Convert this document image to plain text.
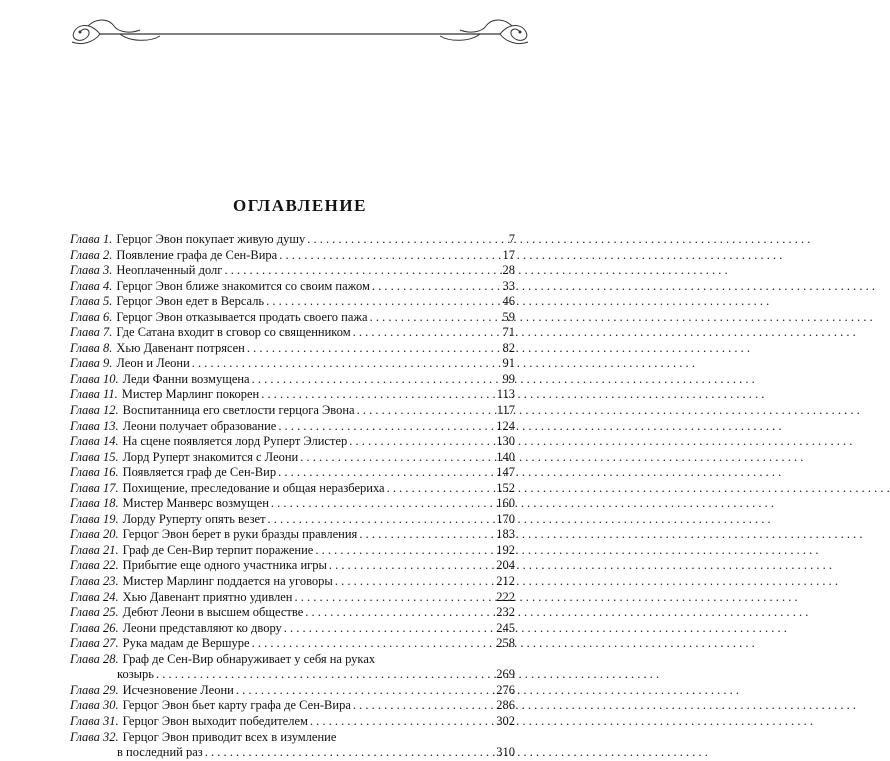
ОГЛАВЛЕНИЕ
Глава 1. Герцог Эвон покупает живую душу . . .	7
Глава 2. Появление графа де Сен-Вира . . .	17
Глава 3. Неоплаченный долг . . .	28
Глава 4. Герцог Эвон ближе знакомится со своим пажом . . .	33
Глава 5. Герцог Эвон едет в Версаль . . .	46
Глава 6. Герцог Эвон отказывается продать своего пажа . . .	59
Глава 7. Где Сатана входит в сговор со священником . . .	71
Глава 8. Хью Давенант потрясен . . .	82
Глава 9. Леон и Леони . . .	91
Глава 10. Леди Фанни возмущена . . .	99
Глава 11. Мистер Марлинг покорен . . .	113
Глава 12. Воспитанница его светлости герцога Эвона . . .	117
Глава 13. Леони получает образование . . .	124
Глава 14. На сцене появляется лорд Руперт Элистер . . .	130
Глава 15. Лорд Руперт знакомится с Леони . . .	140
Глава 16. Появляется граф де Сен-Вир . . .	147
Глава 17. Похищение, преследование и общая неразбериха . . .	152
Глава 18. Мистер Манверс возмущен . . .	160
Глава 19. Лорду Руперту опять везет . . .	170
Глава 20. Герцог Эвон берет в руки бразды правления . . .	183
Глава 21. Граф де Сен-Вир терпит поражение . . .	192
Глава 22. Прибытие еще одного участника игры . . .	204
Глава 23. Мистер Марлинг поддается на уговоры . . .	212
Глава 24. Хью Давенант приятно удивлен . . .	222
Глава 25. Дебют Леони в высшем обществе . . .	232
Глава 26. Леони представляют ко двору . . .	245
Глава 27. Рука мадам де Вершуре . . .	258
Глава 28. Граф де Сен-Вир обнаруживает у себя на руках
козырь . . .	269
Глава 29. Исчезновение Леони . . .	276
Глава 30. Герцог Эвон бьет карту графа де Сен-Вира . . .	286
Глава 31. Герцог Эвон выходит победителем . . .	302
Глава 32. Герцог Эвон приводит всех в изумление
в последний раз . . .	310
